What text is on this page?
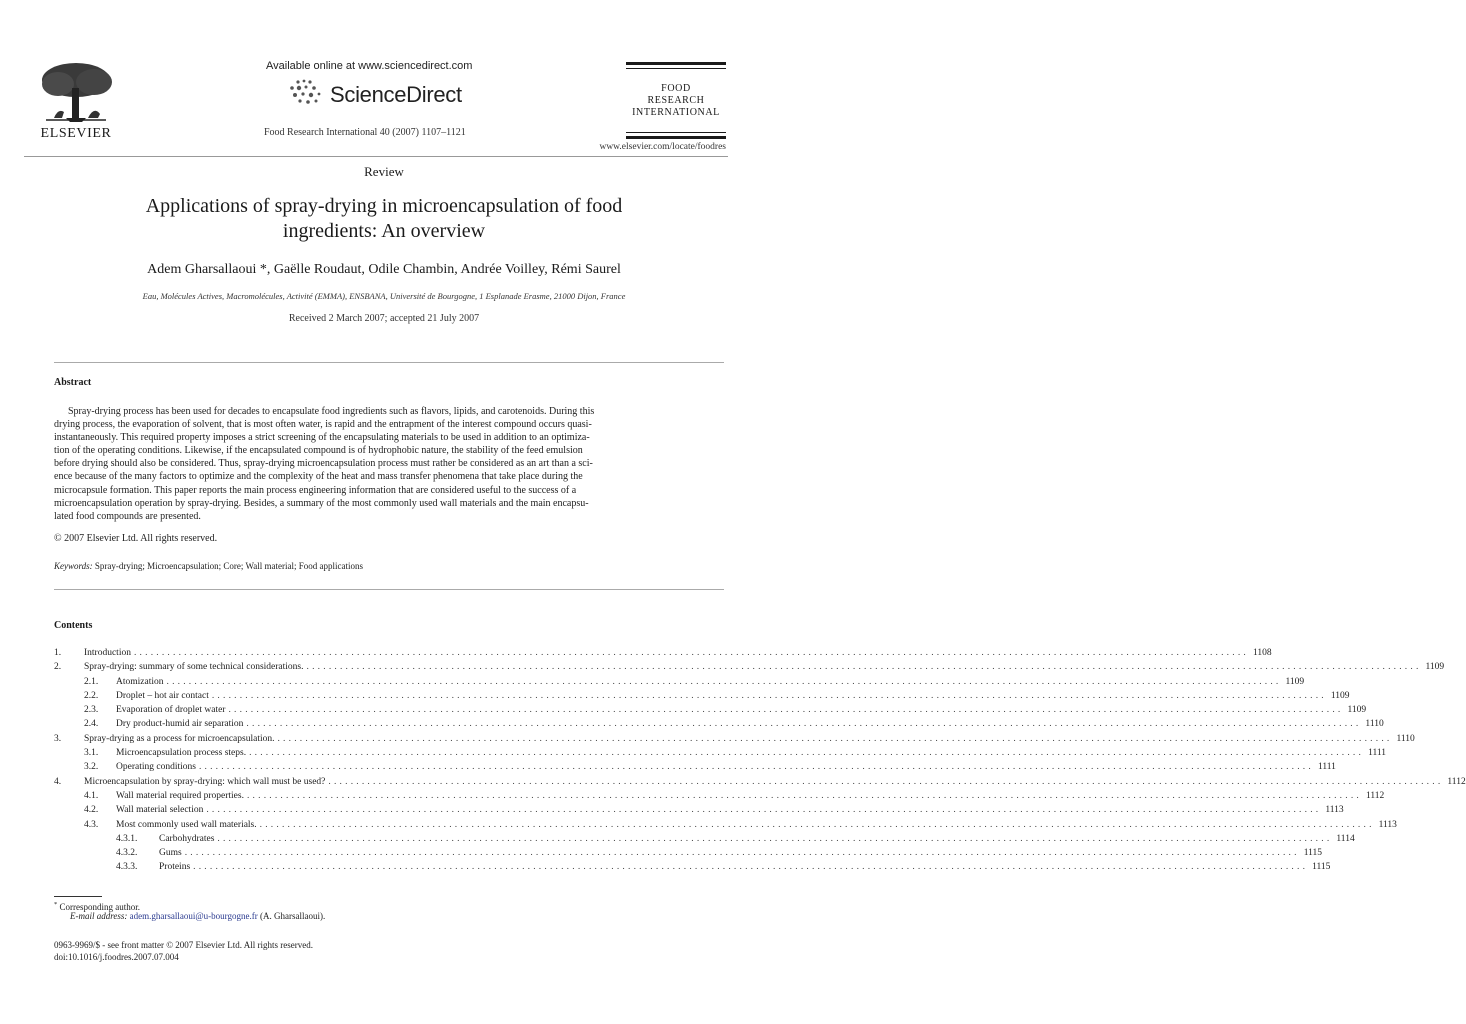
ELSEVIER
Available online at www.sciencedirect.com
ScienceDirect
Food Research International 40 (2007) 1107–1121
FOOD
RESEARCH
INTERNATIONAL
www.elsevier.com/locate/foodres
Review
Applications of spray-drying in microencapsulation of food
ingredients: An overview
Adem Gharsallaoui *, Gaëlle Roudaut, Odile Chambin, Andrée Voilley, Rémi Saurel
Eau, Molécules Actives, Macromolécules, Activité (EMMA), ENSBANA, Université de Bourgogne, 1 Esplanade Erasme, 21000 Dijon, France
Received 2 March 2007; accepted 21 July 2007
Abstract
Spray-drying process has been used for decades to encapsulate food ingredients such as flavors, lipids, and carotenoids. During this
drying process, the evaporation of solvent, that is most often water, is rapid and the entrapment of the interest compound occurs quasi-
instantaneously. This required property imposes a strict screening of the encapsulating materials to be used in addition to an optimiza-
tion of the operating conditions. Likewise, if the encapsulated compound is of hydrophobic nature, the stability of the feed emulsion
before drying should also be considered. Thus, spray-drying microencapsulation process must rather be considered as an art than a sci-
ence because of the many factors to optimize and the complexity of the heat and mass transfer phenomena that take place during the
microcapsule formation. This paper reports the main process engineering information that are considered useful to the success of a
microencapsulation operation by spray-drying. Besides, a summary of the most commonly used wall materials and the main encapsu-
lated food compounds are presented.
© 2007 Elsevier Ltd. All rights reserved.
Keywords: Spray-drying; Microencapsulation; Core; Wall material; Food applications
Contents
1. Introduction ........................................................................................................................................................................................................ 1108
2. Spray-drying: summary of some technical considerations. ........................................................................................................................................................................................................ 1109
2.1. Atomization ........................................................................................................................................................................................................ 1109
2.2. Droplet – hot air contact ........................................................................................................................................................................................................ 1109
2.3. Evaporation of droplet water ........................................................................................................................................................................................................ 1109
2.4. Dry product-humid air separation ........................................................................................................................................................................................................ 1110
3. Spray-drying as a process for microencapsulation. ........................................................................................................................................................................................................ 1110
3.1. Microencapsulation process steps. ........................................................................................................................................................................................................ 1111
3.2. Operating conditions ........................................................................................................................................................................................................ 1111
4. Microencapsulation by spray-drying: which wall must be used? ........................................................................................................................................................................................................ 1112
4.1. Wall material required properties. ........................................................................................................................................................................................................ 1112
4.2. Wall material selection ........................................................................................................................................................................................................ 1113
4.3. Most commonly used wall materials. ........................................................................................................................................................................................................ 1113
4.3.1. Carbohydrates ........................................................................................................................................................................................................ 1114
4.3.2. Gums ........................................................................................................................................................................................................ 1115
4.3.3. Proteins ........................................................................................................................................................................................................ 1115
* Corresponding author.
E-mail address: adem.gharsallaoui@u-bourgogne.fr (A. Gharsallaoui).
0963-9969/$ - see front matter © 2007 Elsevier Ltd. All rights reserved.
doi:10.1016/j.foodres.2007.07.004
